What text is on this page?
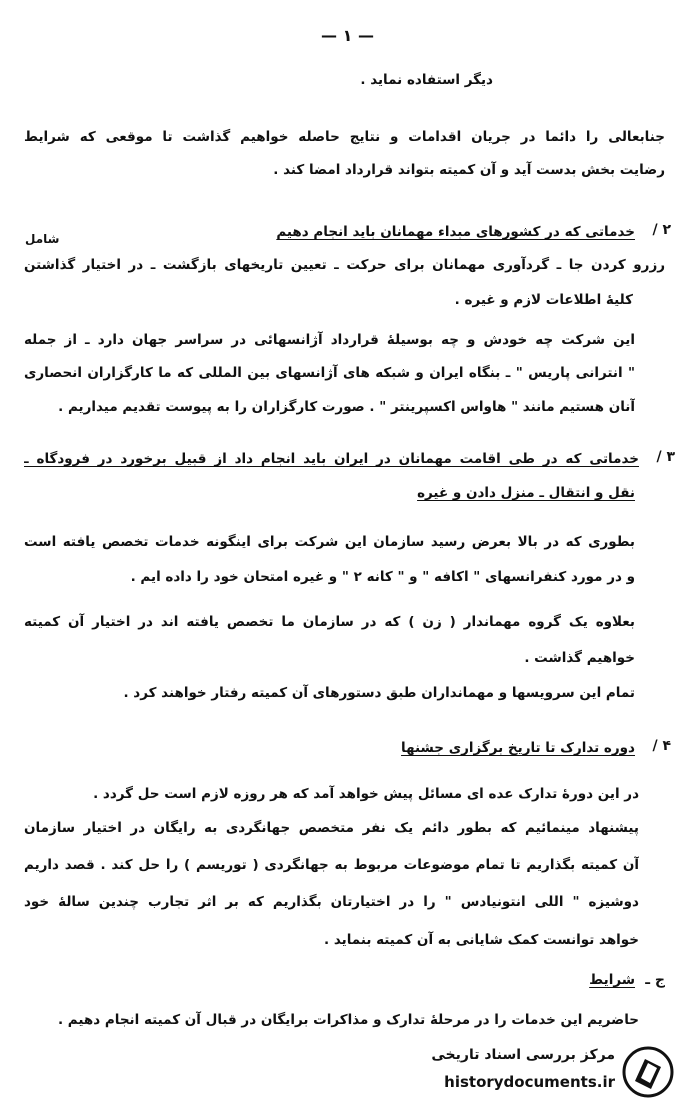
— ۱ —
دیگر استفاده نماید .
جنابعالی را دائما در جریان اقدامات و نتایج حاصله خواهیم گذاشت تا موقعی که شرایط
رضایت بخش بدست آید و آن کمیته بتواند قرارداد امضا کند .
۲ /
خدماتی که در کشورهای مبداء مهمانان باید انجام دهیم
شامل
رزرو کردن جا ـ گردآوری مهمانان برای حرکت ـ تعیین تاریخهای بازگشت ـ در اختیار گذاشتن
کلیهٔ اطلاعات لازم و غیره .
این شرکت چه خودش و چه بوسیلهٔ قرارداد آژانسهائی در سراسر جهان دارد ـ از جمله
" انترانی پاریس " ـ بنگاه ایران و شبکه های آژانسهای بین المللی که ما کارگزاران انحصاری
آنان هستیم مانند " هاواس اکسپرینتر " . صورت کارگزاران را به پیوست تقدیم میداریم .
۳ /
خدماتی که در طی اقامت مهمانان در ایران باید انجام داد از قبیل برخورد در فرودگاه ـ
نقل و انتقال ـ منزل دادن و غیره
بطوری که در بالا بعرض رسید سازمان این شرکت برای اینگونه خدمات تخصص یافته است
و در مورد کنفرانسهای " اکافه " و " کانه ۲ " و غیره امتحان خود را داده ایم .
بعلاوه یک گروه مهماندار ( زن ) که در سازمان ما تخصص یافته اند در اختیار آن کمیته
خواهیم گذاشت .
تمام این سرویسها و مهمانداران طبق دستورهای آن کمیته رفتار خواهند کرد .
۴ /
دوره تدارک تا تاریخ برگزاری جشنها
در این دورهٔ تدارک عده ای مسائل پیش خواهد آمد که هر روزه لازم است حل گردد .
پیشنهاد مینمائیم که بطور دائم یک نفر متخصص جهانگردی به رایگان در اختیار سازمان
آن کمیته بگذاریم تا تمام موضوعات مربوط به جهانگردی ( توریسم ) را حل کند . قصد داریم
دوشیزه " اللی انتونیادس " را در اختیارتان بگذاریم که بر اثر تجارب چندین سالهٔ خود
خواهد توانست کمک شایانی به آن کمیته بنماید .
ج ـ
شرایط
حاضریم این خدمات را در مرحلهٔ تدارک و مذاکرات برایگان در قبال آن کمیته انجام دهیم .
مرکز بررسی اسناد تاریخی
historydocuments.ir
